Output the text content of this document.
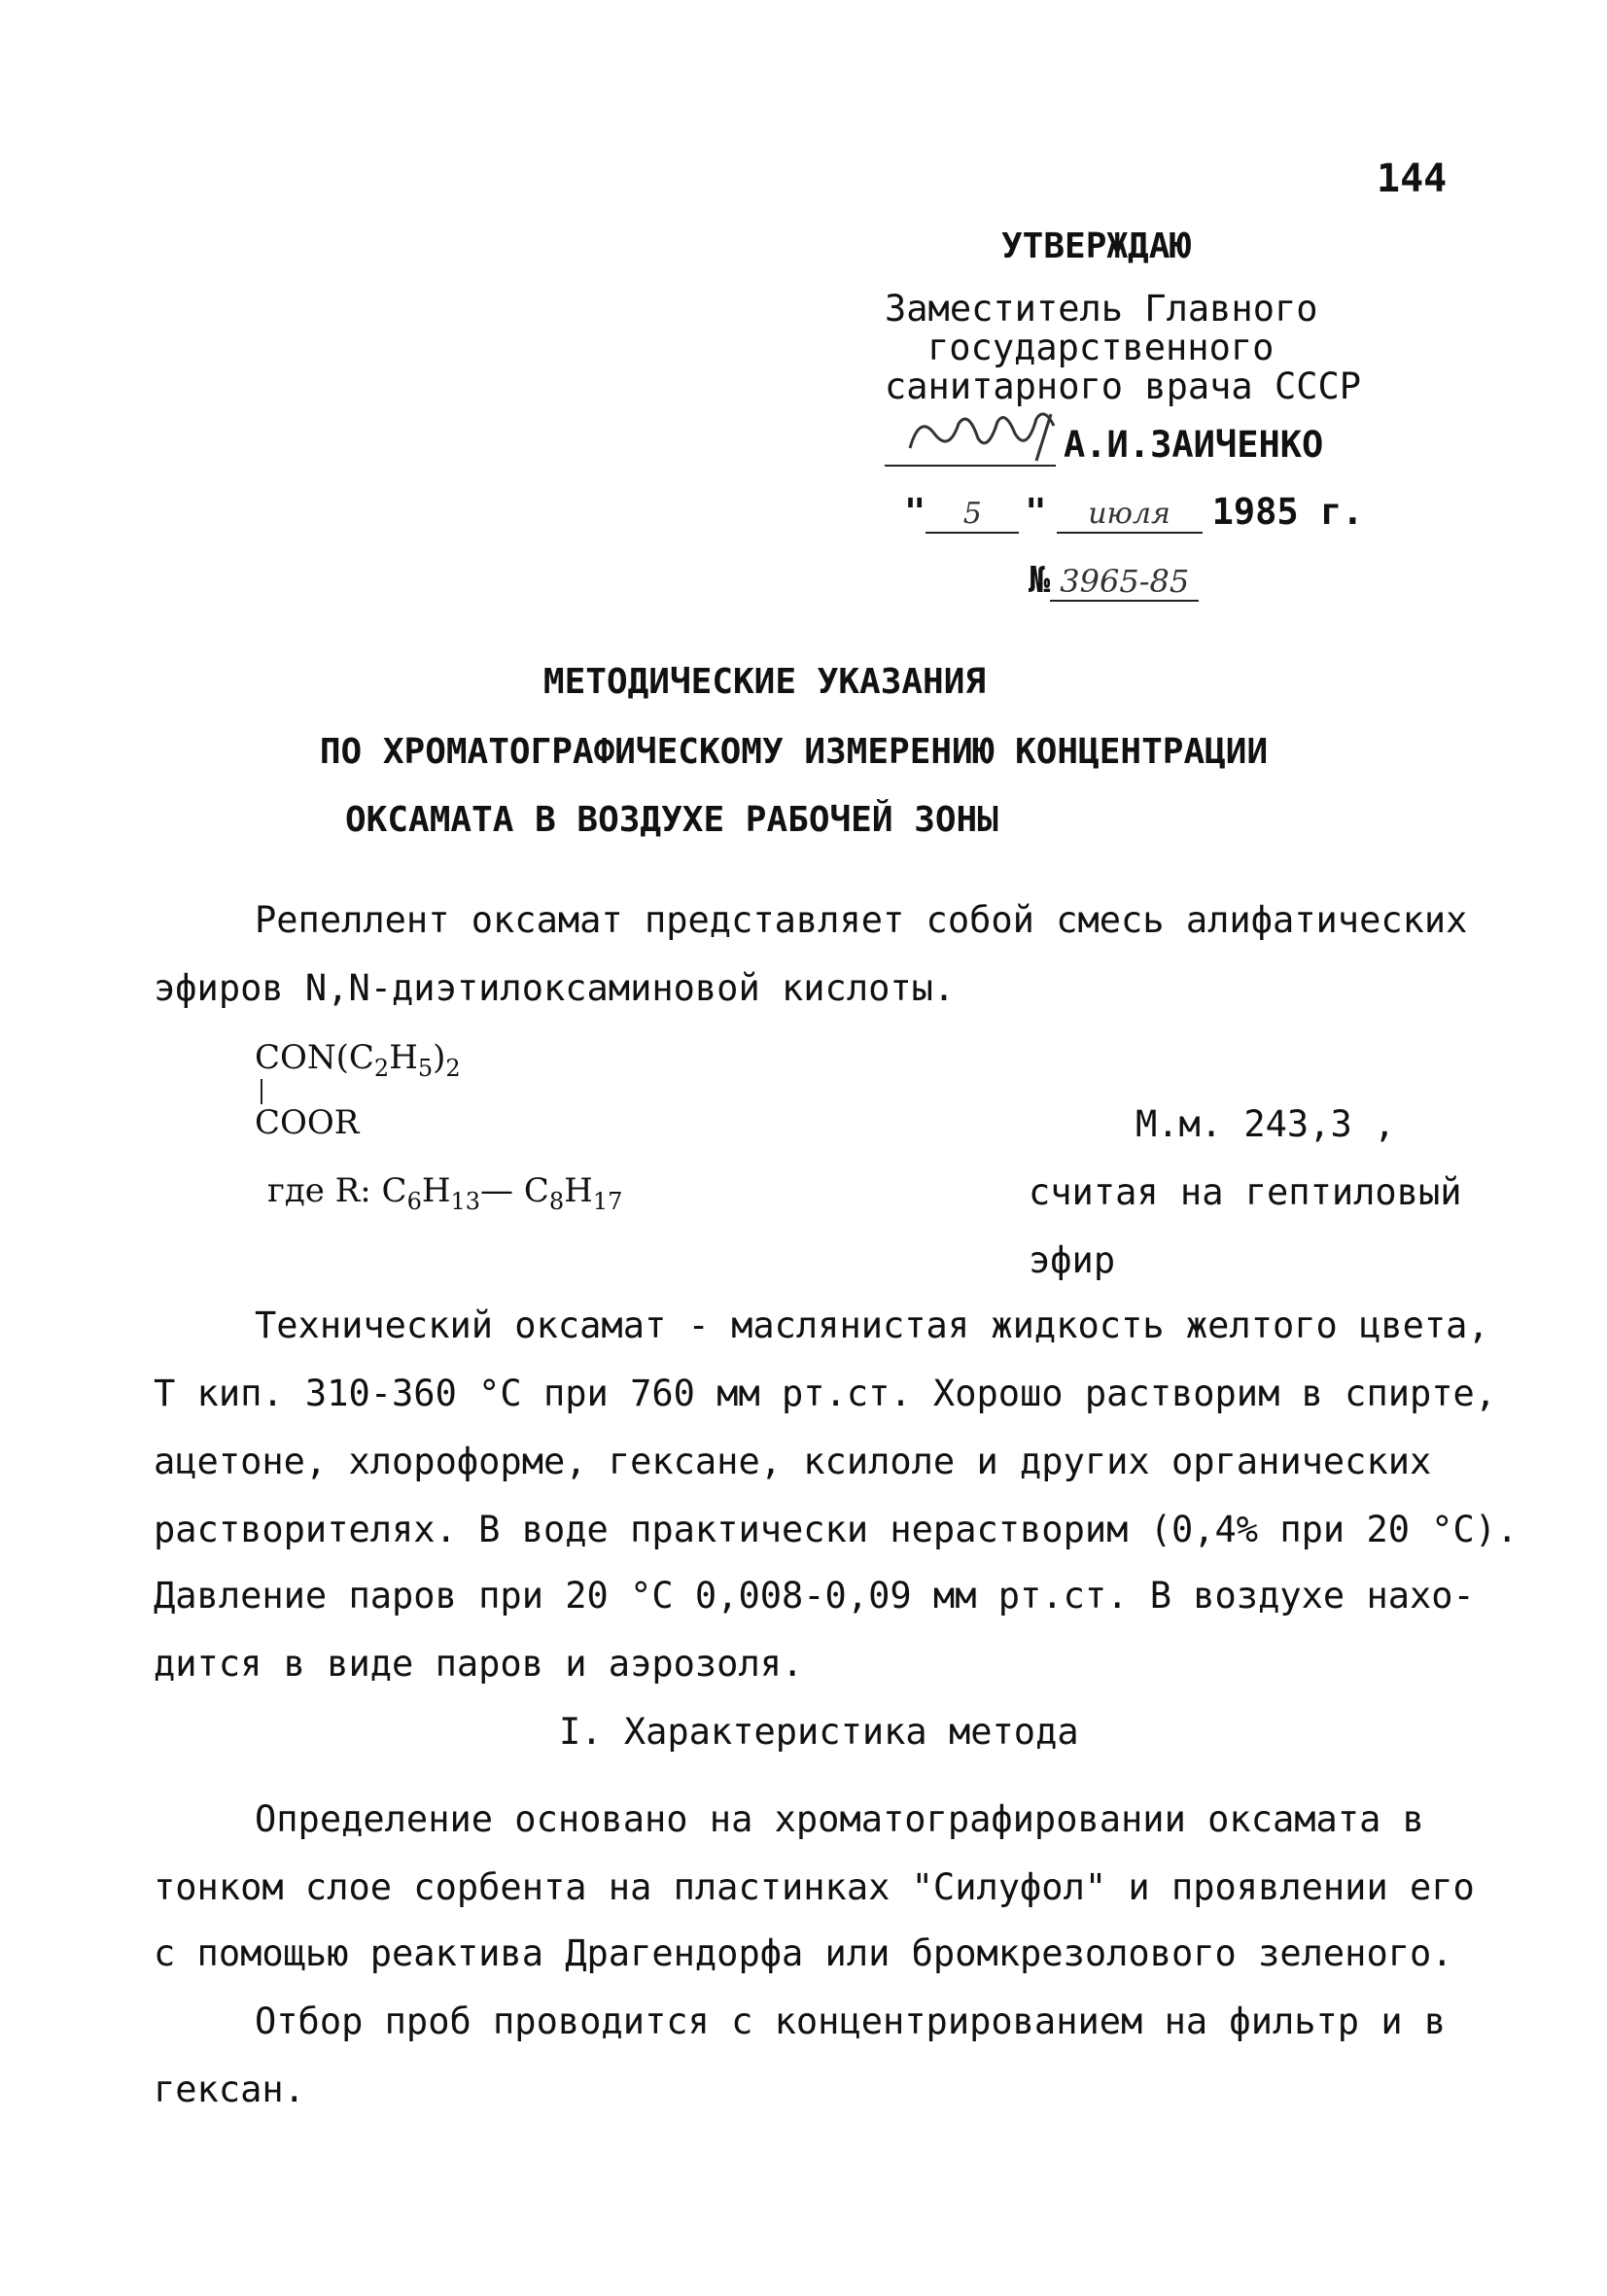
144
УТВЕРЖДАЮ
Заместитель Главного
государственного
санитарного врача СССР
А.И.ЗАИЧЕНКО
"	5	"	июля	1985 г.
№ 3965-85
МЕТОДИЧЕСКИЕ УКАЗАНИЯ
ПО ХРОМАТОГРАФИЧЕСКОМУ ИЗМЕРЕНИЮ КОНЦЕНТРАЦИИ
ОКСАМАТА В ВОЗДУХЕ РАБОЧЕЙ ЗОНЫ
Репеллент оксамат представляет собой смесь алифатических
эфиров N,N-диэтилоксаминовой кислоты.
$CON(C_2H_5)_2$
COOR
где R: $C_6H_{13}—$ $C_8H_{17}$
М.м. 243,3 ,
считая на гептиловый
эфир
Технический оксамат - маслянистая жидкость желтого цвета,
Т кип. 310-360 °С при 760 мм рт.ст. Хорошо растворим в спирте,
ацетоне, хлороформе, гексане, ксилоле и других органических
растворителях. В воде практически нерастворим (0,4% при 20 °С).
Давление паров при 20 °С 0,008-0,09 мм рт.ст. В воздухе нахо-
дится в виде паров и аэрозоля.
I. Характеристика метода
Определение основано на хроматографировании оксамата в
тонком слое сорбента на пластинках "Силуфол" и проявлении его
с помощью реактива Драгендорфа или бромкрезолового зеленого.
Отбор проб проводится с концентрированием на фильтр и в
гексан.
